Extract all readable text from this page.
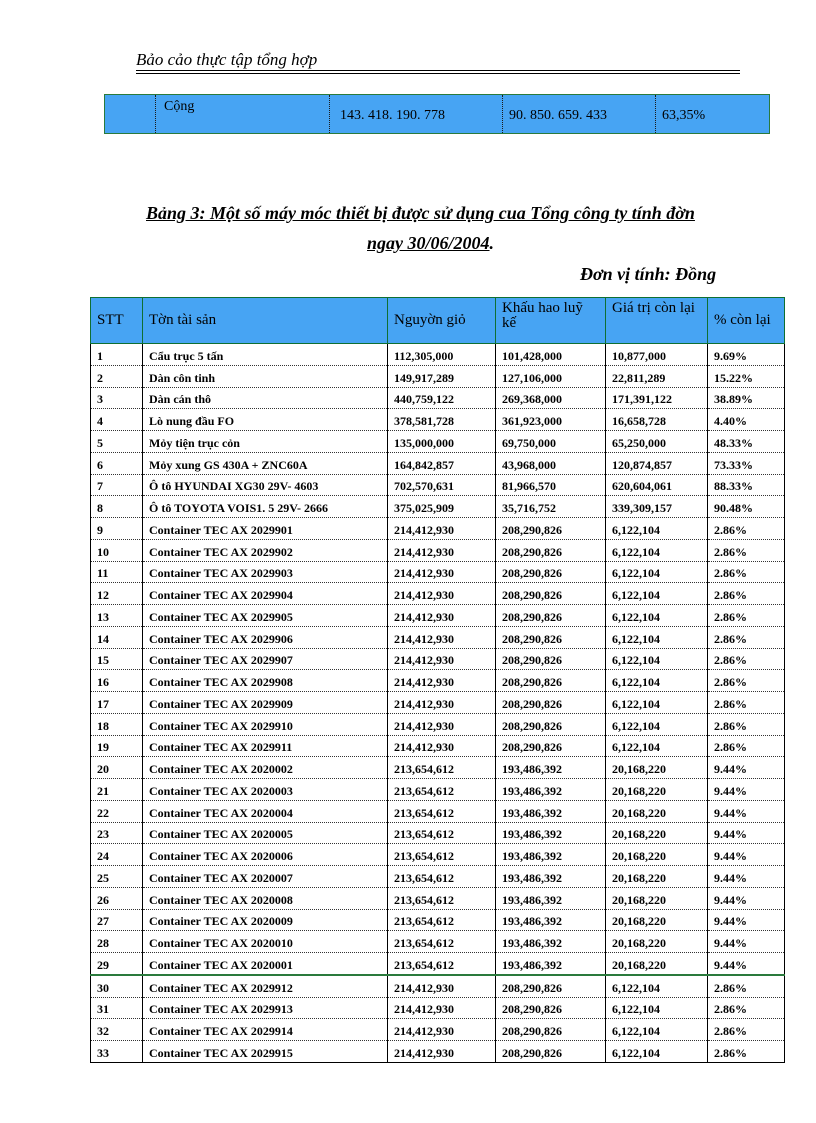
Bảo cảo thực tập tổng hợp
Cộng
143. 418. 190. 778	90. 850. 659. 433	63,35%
Bảng 3: Một số máy móc thiết bị được sử dụng cua Tổng công ty tính đờn
ngay 30/06/2004.
Đơn vị tính: Đồng
STT	Tờn tài sản	Nguyờn giỏ	Khấu hao luỹ kế	Giá trị còn lại	% còn lại
1	Cẩu trục 5 tấn	112,305,000	101,428,000	10,877,000	9.69%
2	Dàn côn tinh	149,917,289	127,106,000	22,811,289	15.22%
3	Dàn cán thô	440,759,122	269,368,000	171,391,122	38.89%
4	Lò nung đầu FO	378,581,728	361,923,000	16,658,728	4.40%
5	Mỏy tiện trục cỏn	135,000,000	69,750,000	65,250,000	48.33%
6	Mỏy xung GS 430A + ZNC60A	164,842,857	43,968,000	120,874,857	73.33%
7	Ô tô HYUNDAI XG30 29V- 4603	702,570,631	81,966,570	620,604,061	88.33%
8	Ô tô TOYOTA VOIS1. 5 29V- 2666	375,025,909	35,716,752	339,309,157	90.48%
9	Container TEC AX 2029901	214,412,930	208,290,826	6,122,104	2.86%
10	Container TEC AX 2029902	214,412,930	208,290,826	6,122,104	2.86%
11	Container TEC AX 2029903	214,412,930	208,290,826	6,122,104	2.86%
12	Container TEC AX 2029904	214,412,930	208,290,826	6,122,104	2.86%
13	Container TEC AX 2029905	214,412,930	208,290,826	6,122,104	2.86%
14	Container TEC AX 2029906	214,412,930	208,290,826	6,122,104	2.86%
15	Container TEC AX 2029907	214,412,930	208,290,826	6,122,104	2.86%
16	Container TEC AX 2029908	214,412,930	208,290,826	6,122,104	2.86%
17	Container TEC AX 2029909	214,412,930	208,290,826	6,122,104	2.86%
18	Container TEC AX 2029910	214,412,930	208,290,826	6,122,104	2.86%
19	Container TEC AX 2029911	214,412,930	208,290,826	6,122,104	2.86%
20	Container TEC AX 2020002	213,654,612	193,486,392	20,168,220	9.44%
21	Container TEC AX 2020003	213,654,612	193,486,392	20,168,220	9.44%
22	Container TEC AX 2020004	213,654,612	193,486,392	20,168,220	9.44%
23	Container TEC AX 2020005	213,654,612	193,486,392	20,168,220	9.44%
24	Container TEC AX 2020006	213,654,612	193,486,392	20,168,220	9.44%
25	Container TEC AX 2020007	213,654,612	193,486,392	20,168,220	9.44%
26	Container TEC AX 2020008	213,654,612	193,486,392	20,168,220	9.44%
27	Container TEC AX 2020009	213,654,612	193,486,392	20,168,220	9.44%
28	Container TEC AX 2020010	213,654,612	193,486,392	20,168,220	9.44%
29	Container TEC AX 2020001	213,654,612	193,486,392	20,168,220	9.44%
30	Container TEC AX 2029912	214,412,930	208,290,826	6,122,104	2.86%
31	Container TEC AX 2029913	214,412,930	208,290,826	6,122,104	2.86%
32	Container TEC AX 2029914	214,412,930	208,290,826	6,122,104	2.86%
33	Container TEC AX 2029915	214,412,930	208,290,826	6,122,104	2.86%
